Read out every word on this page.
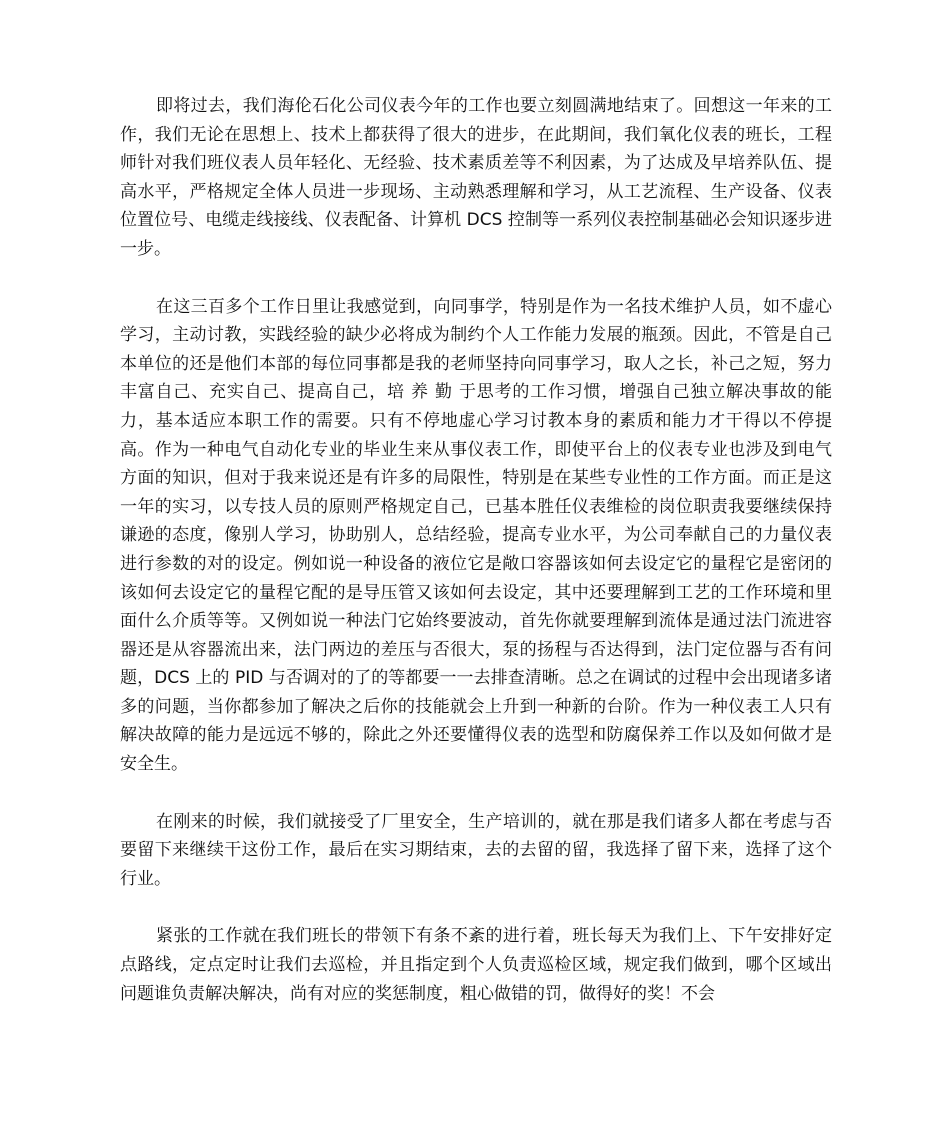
即将过去，我们海伦石化公司仪表今年的工作也要立刻圆满地结束了。回想这一年来的工作，我们无论在思想上、技术上都获得了很大的进步，在此期间，我们氧化仪表的班长，工程师针对我们班仪表人员年轻化、无经验、技术素质差等不利因素，为了达成及早培养队伍、提高水平，严格规定全体人员进一步现场、主动熟悉理解和学习，从工艺流程、生产设备、仪表位置位号、电缆走线接线、仪表配备、计算机 DCS 控制等一系列仪表控制基础必会知识逐步进一步。

在这三百多个工作日里让我感觉到，向同事学，特别是作为一名技术维护人员，如不虚心学习，主动讨教，实践经验的缺少必将成为制约个人工作能力发展的瓶颈。因此，不管是自己本单位的还是他们本部的每位同事都是我的老师坚持向同事学习，取人之长，补己之短，努力丰富自己、充实自己、提高自己，培 养 勤 于思考的工作习惯，增强自己独立解决事故的能力，基本适应本职工作的需要。只有不停地虚心学习讨教本身的素质和能力才干得以不停提高。作为一种电气自动化专业的毕业生来从事仪表工作，即使平台上的仪表专业也涉及到电气方面的知识，但对于我来说还是有许多的局限性，特别是在某些专业性的工作方面。而正是这一年的实习，以专技人员的原则严格规定自己，已基本胜任仪表维检的岗位职责我要继续保持谦逊的态度，像别人学习，协助别人，总结经验，提高专业水平，为公司奉献自己的力量仪表进行参数的对的设定。例如说一种设备的液位它是敞口容器该如何去设定它的量程它是密闭的该如何去设定它的量程它配的是导压管又该如何去设定，其中还要理解到工艺的工作环境和里面什么介质等等。又例如说一种法门它始终要波动，首先你就要理解到流体是通过法门流进容器还是从容器流出来，法门两边的差压与否很大，泵的扬程与否达得到，法门定位器与否有问题，DCS 上的 PID 与否调对的了的等都要一一去排查清晰。总之在调试的过程中会出现诸多诸多的问题，当你都参加了解决之后你的技能就会上升到一种新的台阶。作为一种仪表工人只有解决故障的能力是远远不够的，除此之外还要懂得仪表的选型和防腐保养工作以及如何做才是安全生。

在刚来的时候，我们就接受了厂里安全，生产培训的，就在那是我们诸多人都在考虑与否要留下来继续干这份工作，最后在实习期结束，去的去留的留，我选择了留下来，选择了这个行业。

紧张的工作就在我们班长的带领下有条不紊的进行着，班长每天为我们上、下午安排好定点路线，定点定时让我们去巡检，并且指定到个人负责巡检区域，规定我们做到，哪个区域出问题谁负责解决解决，尚有对应的奖惩制度，粗心做错的罚，做得好的奖！不会
